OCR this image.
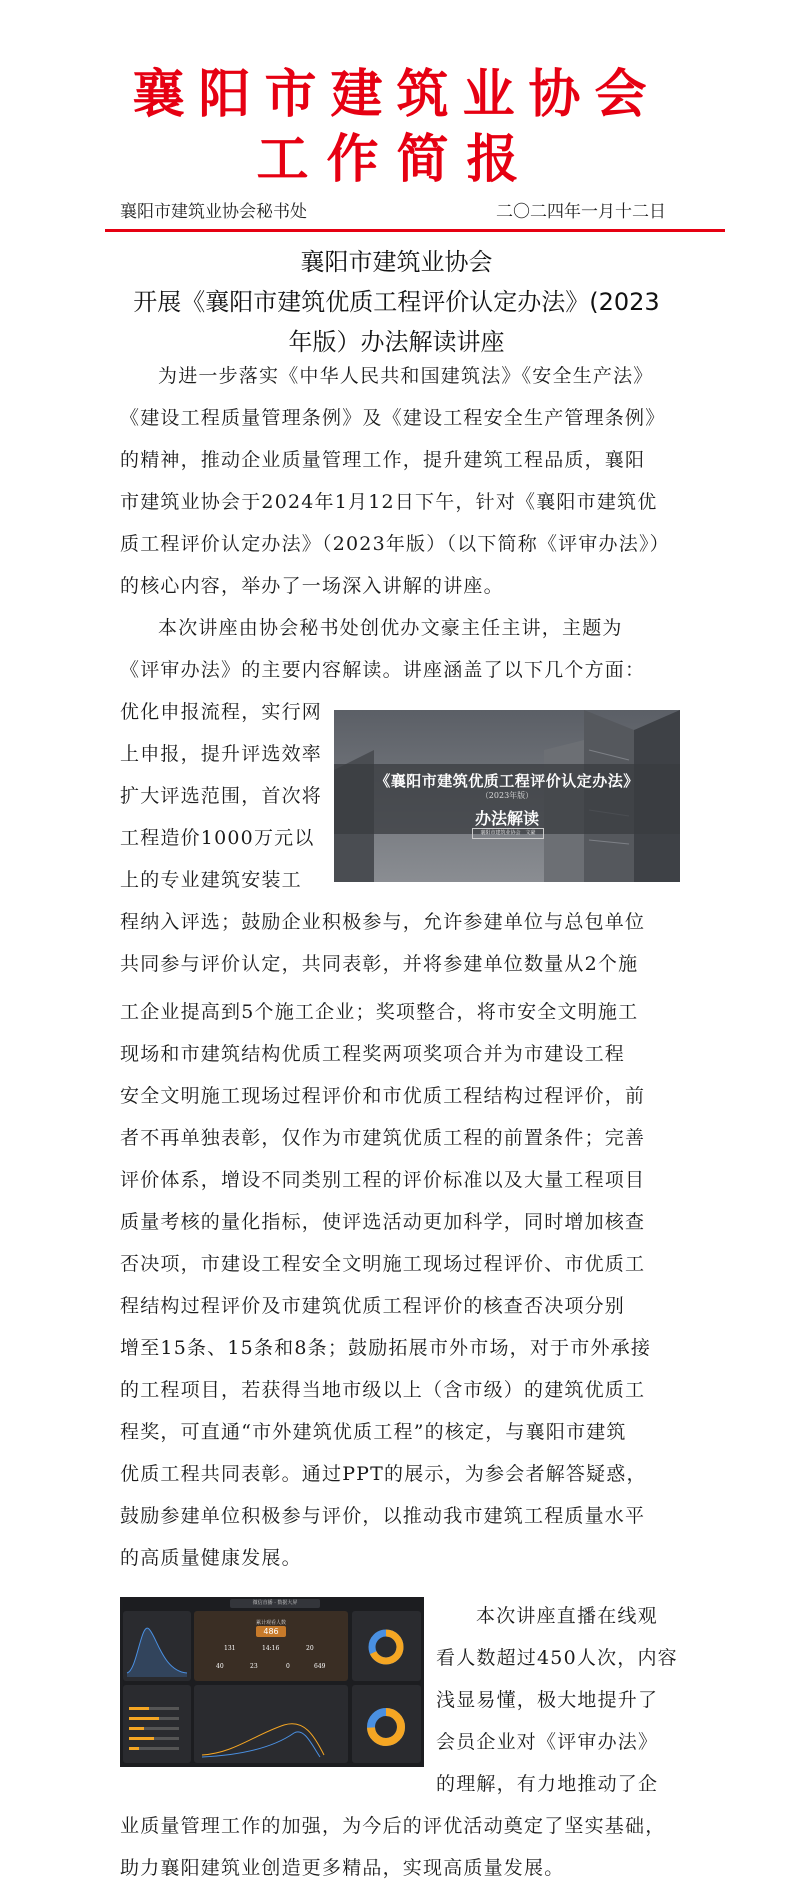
襄阳市建筑业协会
工作简报
襄阳市建筑业协会秘书处	二〇二四年一月十二日
襄阳市建筑业协会
开展《襄阳市建筑优质工程评价认定办法》(2023
年版）办法解读讲座
为进一步落实《中华人民共和国建筑法》《安全生产法》
《建设工程质量管理条例》及《建设工程安全生产管理条例》
的精神，推动企业质量管理工作，提升建筑工程品质，襄阳
市建筑业协会于2024年1月12日下午，针对《襄阳市建筑优
质工程评价认定办法》（2023年版）（以下简称《评审办法》）
的核心内容，举办了一场深入讲解的讲座。
本次讲座由协会秘书处创优办文豪主任主讲，主题为
《评审办法》的主要内容解读。讲座涵盖了以下几个方面：
优化申报流程，实行网
上申报，提升评选效率
扩大评选范围，首次将
工程造价1000万元以
上的专业建筑安装工
《襄阳市建筑优质工程评价认定办法》
（2023年版）
办法解读
襄阳市建筑业协会　文豪
程纳入评选；鼓励企业积极参与，允许参建单位与总包单位
共同参与评价认定，共同表彰，并将参建单位数量从2个施
工企业提高到5个施工企业；奖项整合，将市安全文明施工
现场和市建筑结构优质工程奖两项奖项合并为市建设工程
安全文明施工现场过程评价和市优质工程结构过程评价，前
者不再单独表彰，仅作为市建筑优质工程的前置条件；完善
评价体系，增设不同类别工程的评价标准以及大量工程项目
质量考核的量化指标，使评选活动更加科学，同时增加核查
否决项，市建设工程安全文明施工现场过程评价、市优质工
程结构过程评价及市建筑优质工程评价的核查否决项分别
增至15条、15条和8条；鼓励拓展市外市场，对于市外承接
的工程项目，若获得当地市级以上（含市级）的建筑优质工
程奖，可直通“市外建筑优质工程”的核定，与襄阳市建筑
优质工程共同表彰。通过PPT的展示，为参会者解答疑惑，
鼓励参建单位积极参与评价，以推动我市建筑工程质量水平
的高质量健康发展。
微信直播 · 数据大屏
累计观看人数
486
131	14:16	20
40	23	0	649
本次讲座直播在线观
看人数超过450人次，内容
浅显易懂，极大地提升了
会员企业对《评审办法》
的理解，有力地推动了企
业质量管理工作的加强，为今后的评优活动奠定了坚实基础，
助力襄阳建筑业创造更多精品，实现高质量发展。
